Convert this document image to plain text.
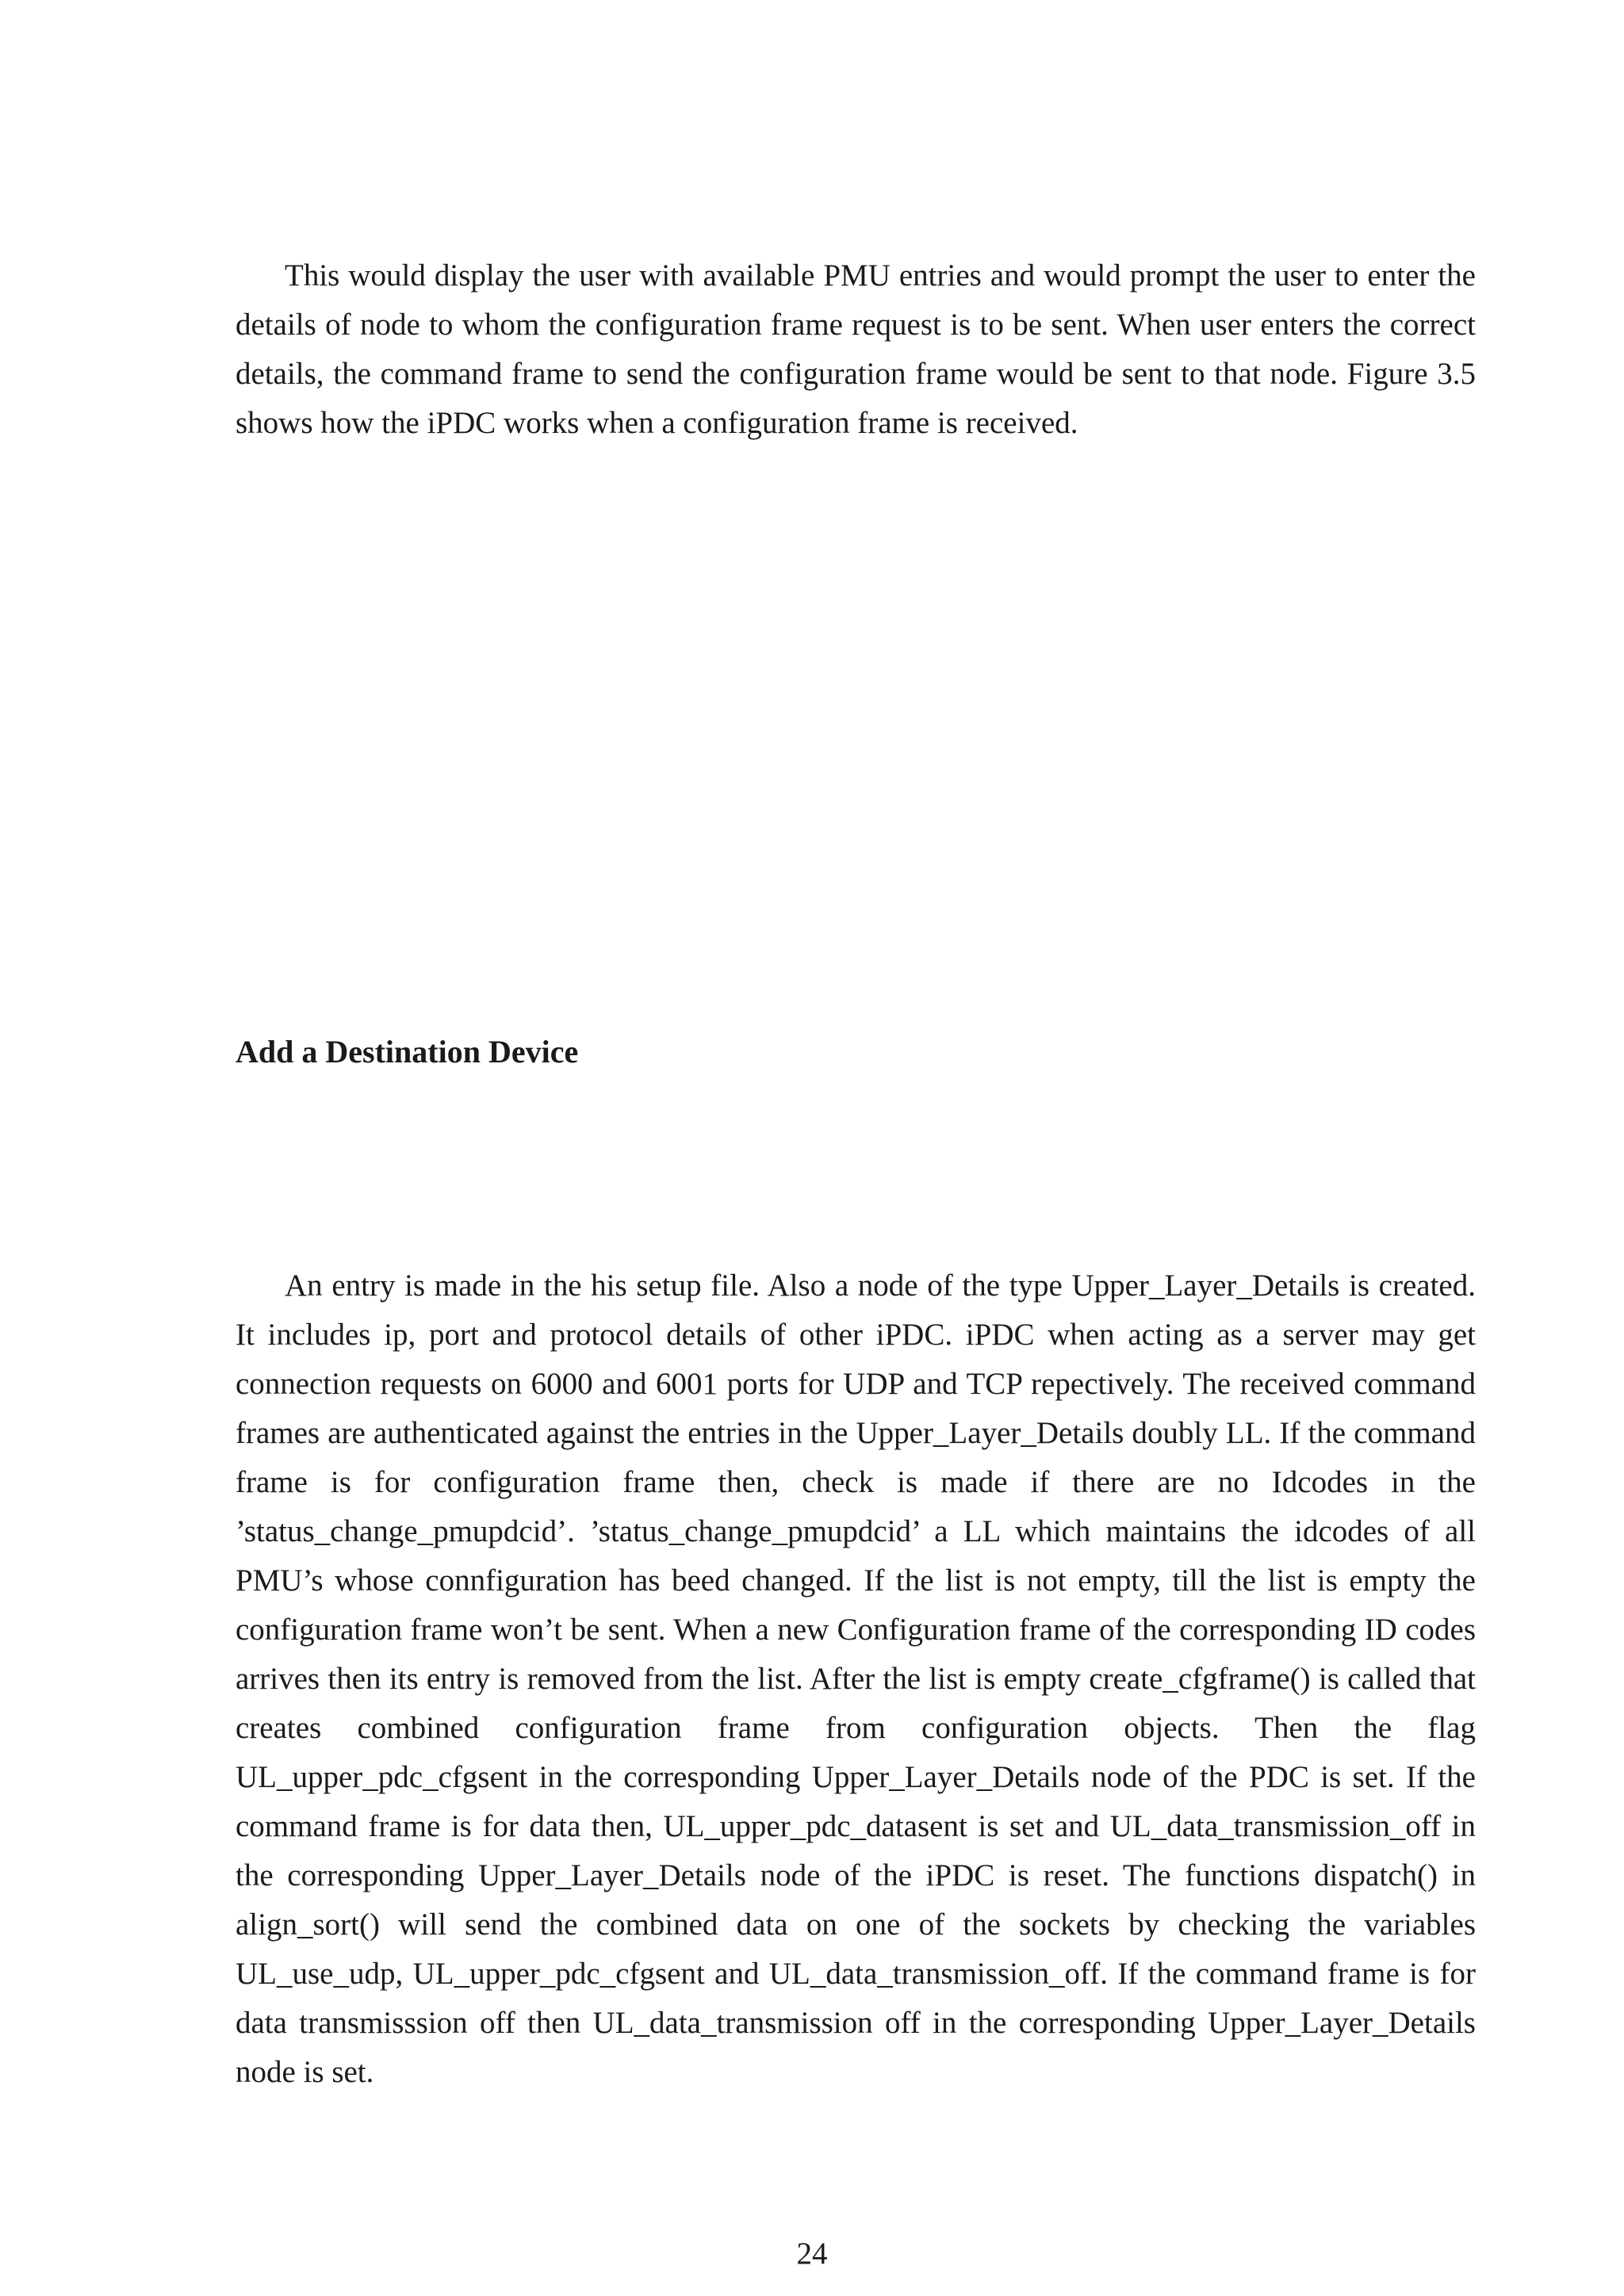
This would display the user with available PMU entries and would prompt the user to enter the details of node to whom the configuration frame request is to be sent. When user enters the correct details, the command frame to send the configuration frame would be sent to that node. Figure 3.5 shows how the iPDC works when a configuration frame is received.

Add a Destination Device

An entry is made in the his setup file. Also a node of the type Upper_Layer_Details is created. It includes ip, port and protocol details of other iPDC. iPDC when acting as a server may get connection requests on 6000 and 6001 ports for UDP and TCP repectively. The received command frames are authenticated against the entries in the Upper_Layer_Details doubly LL. If the command frame is for configuration frame then, check is made if there are no Idcodes in the ’status_change_pmupdcid’. ’status_change_pmupdcid’ a LL which maintains the idcodes of all PMU’s whose connfiguration has beed changed. If the list is not empty, till the list is empty the configuration frame won’t be sent. When a new Configuration frame of the corresponding ID codes arrives then its entry is removed from the list. After the list is empty create_cfgframe() is called that creates combined configuration frame from configuration objects. Then the flag UL_upper_pdc_cfgsent in the corresponding Upper_Layer_Details node of the PDC is set. If the command frame is for data then, UL_upper_pdc_datasent is set and UL_data_transmission_off in the corresponding Upper_Layer_Details node of the iPDC is reset. The functions dispatch() in align_sort() will send the combined data on one of the sockets by checking the variables UL_use_udp, UL_upper_pdc_cfgsent and UL_data_transmission_off. If the command frame is for data transmisssion off then UL_data_transmission off in the corresponding Upper_Layer_Details node is set.

24
